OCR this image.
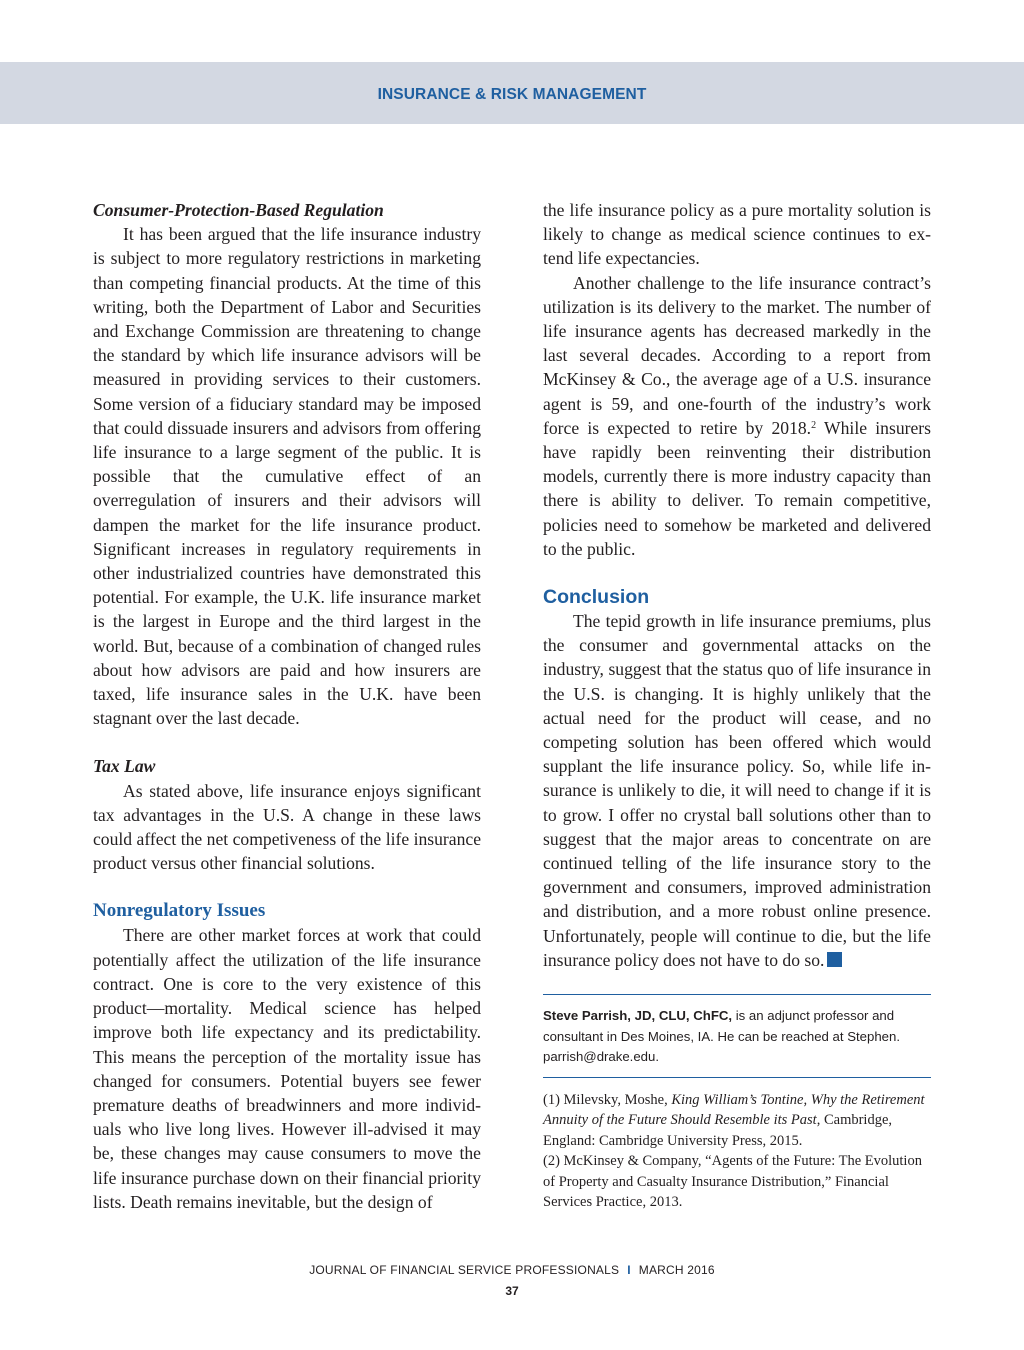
INSURANCE & RISK MANAGEMENT
Consumer-Protection-Based Regulation

It has been argued that the life insurance industry is subject to more regulatory restrictions in marketing than competing financial products. At the time of this writing, both the Department of Labor and Securities and Exchange Commission are threatening to change the standard by which life insurance advisors will be measured in providing services to their customers. Some version of a fiduciary standard may be imposed that could dissuade insurers and advisors from offering life insurance to a large segment of the public. It is possible that the cumulative effect of an overregulation of insurers and their advisors will dampen the market for the life insurance product. Significant increases in regulatory requirements in other industrialized countries have demonstrated this potential. For example, the U.K. life insurance market is the largest in Europe and the third largest in the world. But, because of a combination of changed rules about how advisors are paid and how insurers are taxed, life insurance sales in the U.K. have been stagnant over the last decade.

Tax Law

As stated above, life insurance enjoys significant tax advantages in the U.S. A change in these laws could affect the net competiveness of the life insurance product versus other financial solutions.

Nonregulatory Issues

There are other market forces at work that could potentially affect the utilization of the life insurance contract. One is core to the very existence of this product—mortality. Medical science has helped improve both life expectancy and its predictability. This means the perception of the mortality issue has changed for consumers. Potential buyers see fewer premature deaths of breadwinners and more individuals who live long lives. However ill-advised it may be, these changes may cause consumers to move the life insurance purchase down on their financial priority lists. Death remains inevitable, but the design of

the life insurance policy as a pure mortality solution is likely to change as medical science continues to extend life expectancies.

Another challenge to the life insurance contract’s utilization is its delivery to the market. The number of life insurance agents has decreased markedly in the last several decades. According to a report from McKinsey & Co., the average age of a U.S. insurance agent is 59, and one-fourth of the industry’s work force is expected to retire by 2018.$^2$ While insurers have rapidly been reinventing their distribution models, currently there is more industry capacity than there is ability to deliver. To remain competitive, policies need to somehow be marketed and delivered to the public.

Conclusion

The tepid growth in life insurance premiums, plus the consumer and governmental attacks on the industry, suggest that the status quo of life insurance in the U.S. is changing. It is highly unlikely that the actual need for the product will cease, and no competing solution has been offered which would supplant the life insurance policy. So, while life insurance is unlikely to die, it will need to change if it is to grow. I offer no crystal ball solutions other than to suggest that the major areas to concentrate on are continued telling of the life insurance story to the government and consumers, improved administration and distribution, and a more robust online presence. Unfortunately, people will continue to die, but the life insurance policy does not have to do so.

Steve Parrish, JD, CLU, ChFC, is an adjunct professor and consultant in Des Moines, IA. He can be reached at Stephen.​parrish@drake.edu.
(1) Milevsky, Moshe, King William’s Tontine, Why the Retirement Annuity of the Future Should Resemble its Past, Cambridge, England: Cambridge University Press, 2015.
(2) McKinsey & Company, “Agents of the Future: The Evolution of Property and Casualty Insurance Distribution,” Financial Services Practice, 2013.
JOURNAL OF FINANCIAL SERVICE PROFESSIONALS I MARCH 2016
37
